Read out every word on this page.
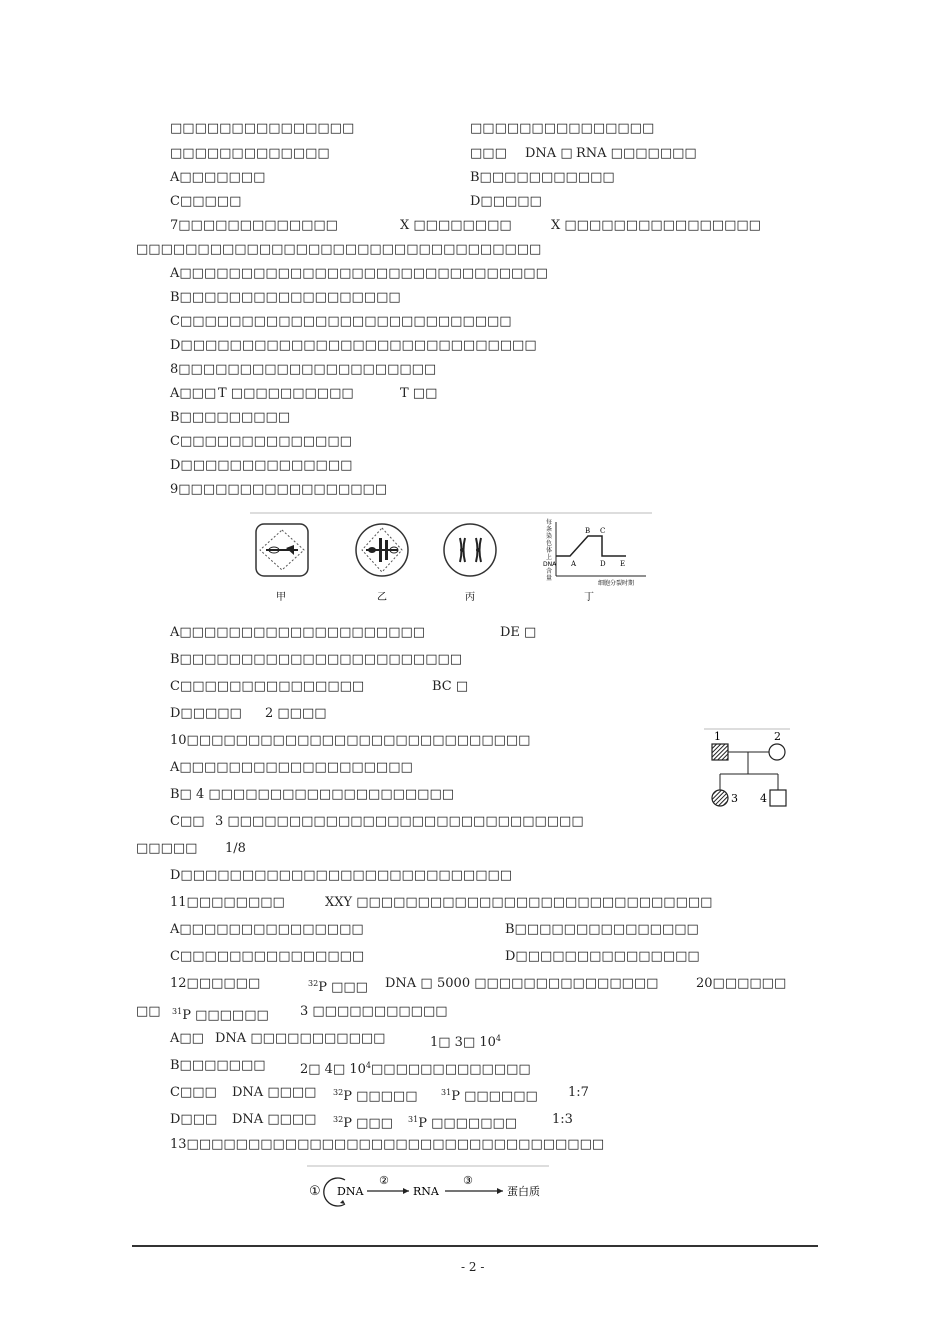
□□□□□□□□□□□□□□□	□□□□□□□□□□□□□□□
□□□□□□□□□□□□□	□□□ DNA □ RNA □□□□□□□
A□□□□□□□	B□□□□□□□□□□□
C□□□□□	D□□□□□
7□□□□□□□□□□□□□	X □□□□□□□□	X □□□□□□□□□□□□□□□□
□□□□□□□□□□□□□□□□□□□□□□□□□□□□□□□□□
A□□□□□□□□□□□□□□□□□□□□□□□□□□□□□□
B□□□□□□□□□□□□□□□□□□
C□□□□□□□□□□□□□□□□□□□□□□□□□□□
D□□□□□□□□□□□□□□□□□□□□□□□□□□□□□
8□□□□□□□□□□□□□□□□□□□□□
A□□□ T □□□□□□□□□□	T □□
B□□□□□□□□□
C□□□□□□□□□□□□□□
D□□□□□□□□□□□□□□
9□□□□□□□□□□□□□□□□□
每 条 染 色 体 上 DNA 含 量
A
B C
D E
细胞分裂时期
甲	乙	丙	丁
A□□□□□□□□□□□□□□□□□□□□	DE □
B□□□□□□□□□□□□□□□□□□□□□□□
C□□□□□□□□□□□□□□□	BC □
D□□□□□ 2 □□□□
10□□□□□□□□□□□□□□□□□□□□□□□□□□□□
A□□□□□□□□□□□□□□□□□□□
B□ 4 □□□□□□□□□□□□□□□□□□□□
C□□ 3 □□□□□□□□□□□□□□□□□□□□□□□□□□□□□
□□□□□ 1/8
D□□□□□□□□□□□□□□□□□□□□□□□□□□□
1	2
3 4
11□□□□□□□□	XXY □□□□□□□□□□□□□□□□□□□□□□□□□□□□□
A□□□□□□□□□□□□□□□	B□□□□□□□□□□□□□□□
C□□□□□□□□□□□□□□□	D□□□□□□□□□□□□□□□
12□□□□□□	$^{32}$P □□□ DNA □ 5000 □□□□□□□□□□□□□□□	20□□□□□□
□□ $^{31}$P □□□□□□ 3 □□□□□□□□□□□
A□□ DNA □□□□□□□□□□□	1□ 3□ $10^4$
B□□□□□□□	2□ 4□ $10^4□□□□□□□□□□□□□$
C□□□ DNA □□□□ $^{32}$P □□□□□	$^{31}$P □□□□□□ 1:7
D□□□ DNA □□□□ $^{32}$P □□□ $^{31}$P □□□□□□□	1:3
13□□□□□□□□□□□□□□□□□□□□□□□□□□□□□□□□□□
① DNA
②
RNA
③
蛋白质
- 2 -
